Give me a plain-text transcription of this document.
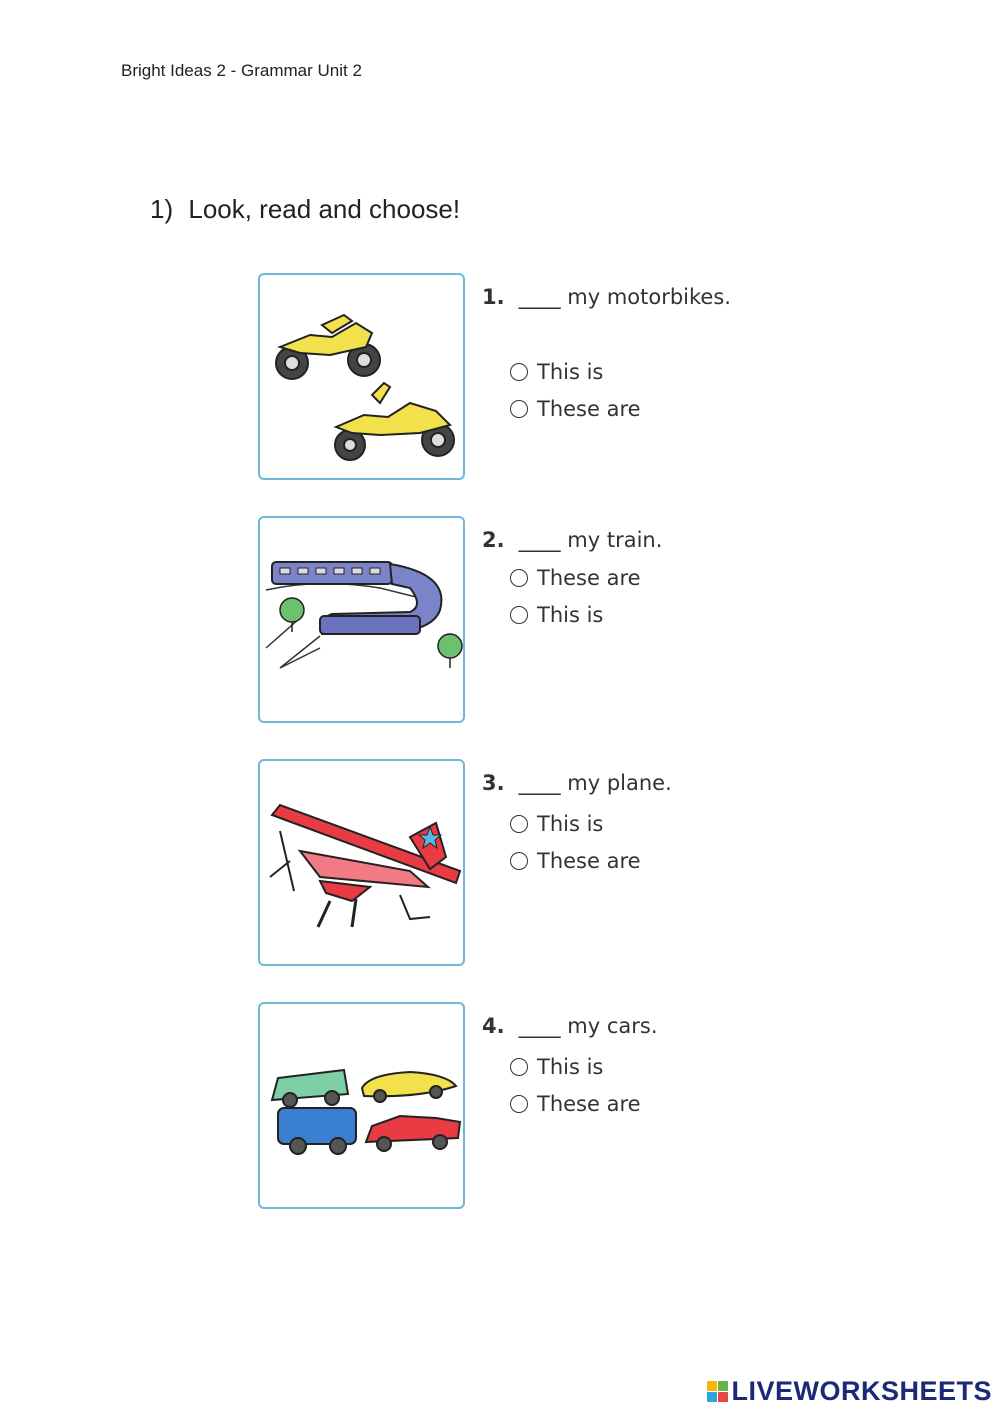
Bright Ideas 2 - Grammar Unit 2
1) Look, read and choose!
1. ____ my motorbikes.
This is
These are
2. ____ my train.
These are
This is
3. ____ my plane.
This is
These are
4. ____ my cars.
This is
These are
LIVEWORKSHEETS
